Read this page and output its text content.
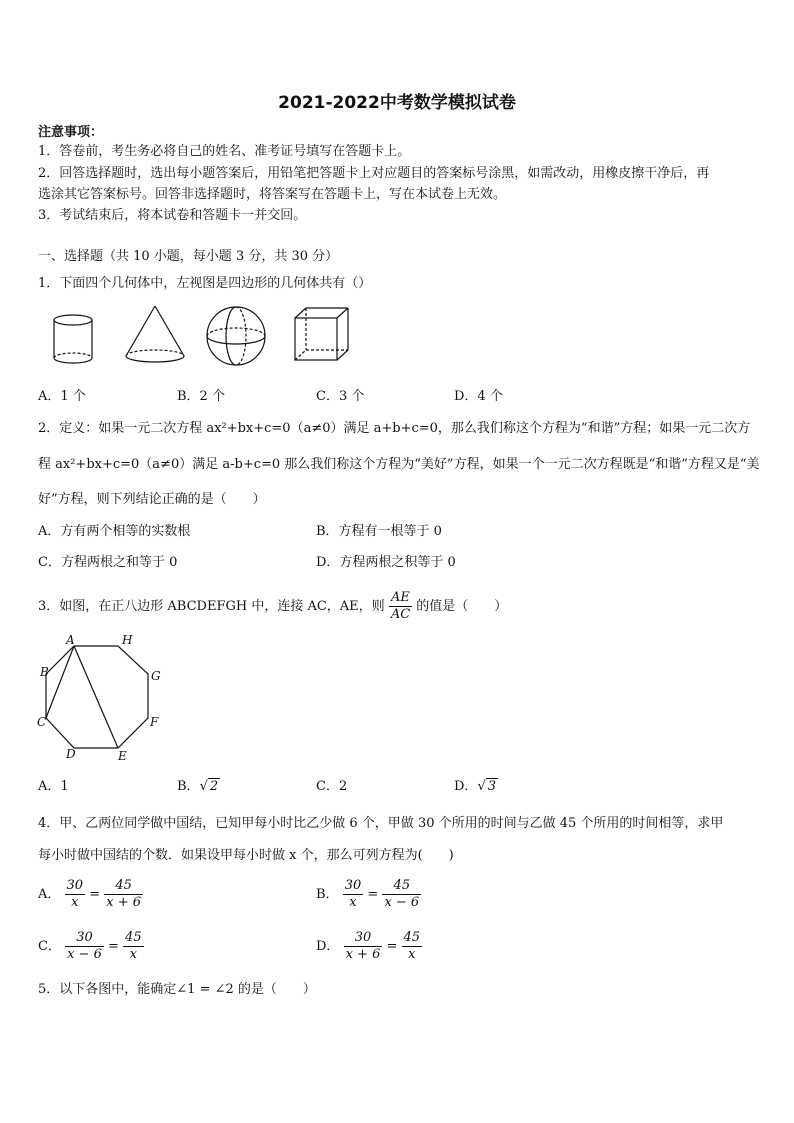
2021-2022中考数学模拟试卷
注意事项：
1．答卷前，考生务必将自己的姓名、准考证号填写在答题卡上。
2．回答选择题时，选出每小题答案后，用铅笔把答题卡上对应题目的答案标号涂黑，如需改动，用橡皮擦干净后，再
选涂其它答案标号。回答非选择题时，将答案写在答题卡上，写在本试卷上无效。
3．考试结束后，将本试卷和答题卡一并交回。
一、选择题（共 10 小题，每小题 3 分，共 30 分）
1．下面四个几何体中，左视图是四边形的几何体共有（）
A．1 个	B．2 个	C．3 个	D．4 个
2．定义：如果一元二次方程 ax²+bx+c=0（a≠0）满足 a+b+c=0，那么我们称这个方程为“和谐”方程；如果一元二次方
程 ax²+bx+c=0（a≠0）满足 a-b+c=0 那么我们称这个方程为“美好”方程，如果一个一元二次方程既是“和谐”方程又是“美
好”方程，则下列结论正确的是（　　）
A．方有两个相等的实数根	B．方程有一根等于 0
C．方程两根之和等于 0	D．方程两根之积等于 0
3．如图，在正八边形 ABCDEFGH 中，连接 AC，AE，则 $\frac{AE}{AC}$ 的值是（　　）
A	H
B	G
C	F
D	E
A．1	B．√ 2	C．2	D．√ 3
4．甲、乙两位同学做中国结，已知甲每小时比乙少做 6 个，甲做 30 个所用的时间与乙做 45 个所用的时间相等，求甲
每小时做中国结的个数．如果设甲每小时做 x 个，那么可列方程为(　　)
A． $\frac{30}{x} = \frac{45}{x + 6}$	B． $\frac{30}{x} = \frac{45}{x - 6}$
C． $\frac{30}{x - 6} = \frac{45}{x}$	D． $\frac{30}{x + 6} = \frac{45}{x}$
5．以下各图中，能确定∠1 = ∠2 的是（　　）
